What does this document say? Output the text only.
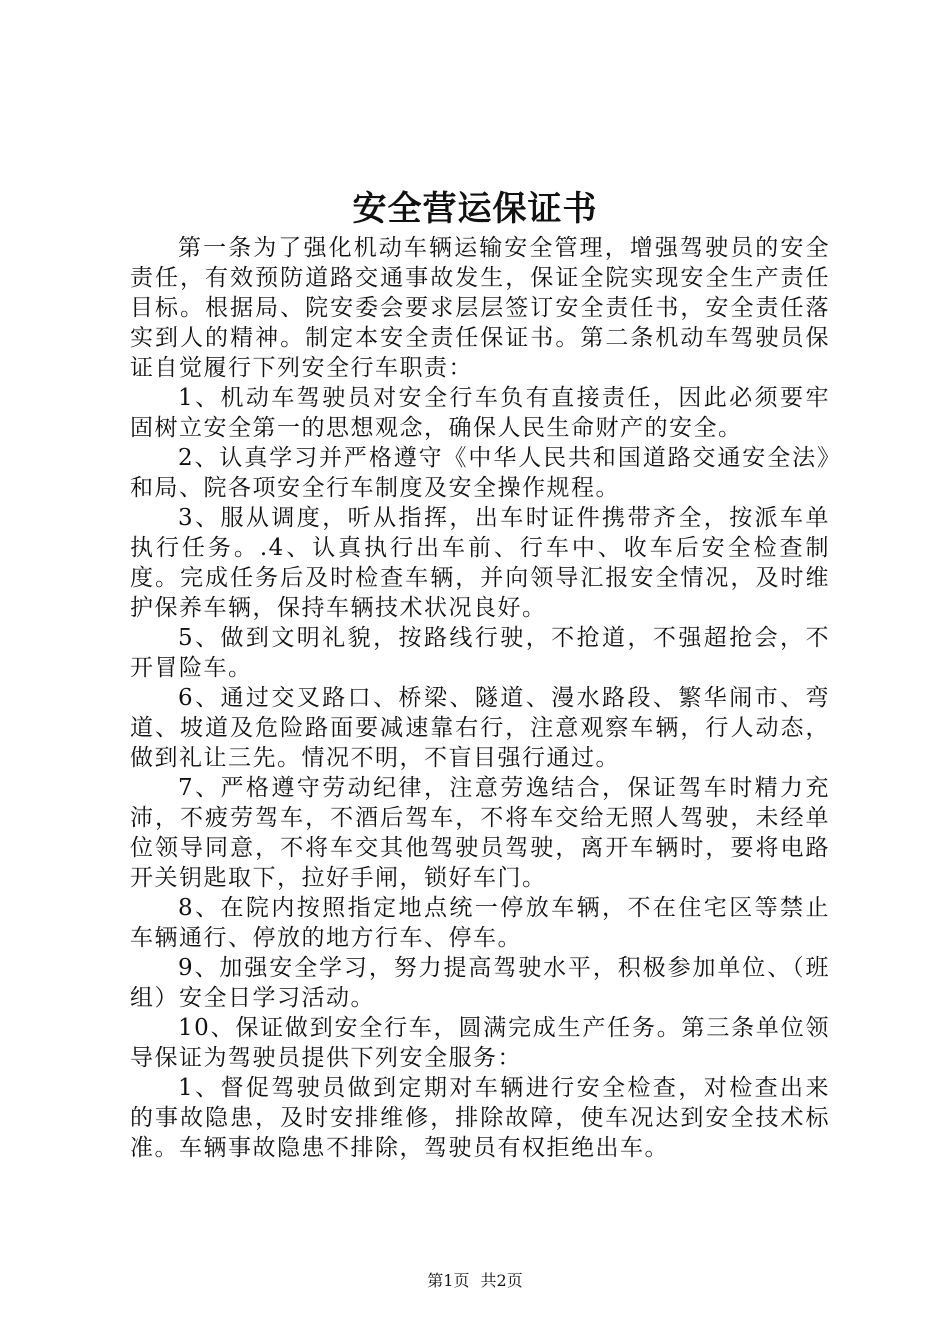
安全营运保证书

第一条为了强化机动车辆运输安全管理，增强驾驶员的安全责任，有效预防道路交通事故发生，保证全院实现安全生产责任目标。根据局、院安委会要求层层签订安全责任书，安全责任落实到人的精神。制定本安全责任保证书。第二条机动车驾驶员保证自觉履行下列安全行车职责：

1、机动车驾驶员对安全行车负有直接责任，因此必须要牢固树立安全第一的思想观念，确保人民生命财产的安全。

2、认真学习并严格遵守《中华人民共和国道路交通安全法》和局、院各项安全行车制度及安全操作规程。

3、服从调度，听从指挥，出车时证件携带齐全，按派车单执行任务。.4、认真执行出车前、行车中、收车后安全检查制度。完成任务后及时检查车辆，并向领导汇报安全情况，及时维护保养车辆，保持车辆技术状况良好。

5、做到文明礼貌，按路线行驶，不抢道，不强超抢会，不开冒险车。

6、通过交叉路口、桥梁、隧道、漫水路段、繁华闹市、弯道、坡道及危险路面要减速靠右行，注意观察车辆，行人动态，做到礼让三先。情况不明，不盲目强行通过。

7、严格遵守劳动纪律，注意劳逸结合，保证驾车时精力充沛，不疲劳驾车，不酒后驾车，不将车交给无照人驾驶，未经单位领导同意，不将车交其他驾驶员驾驶，离开车辆时，要将电路开关钥匙取下，拉好手闸，锁好车门。

8、在院内按照指定地点统一停放车辆，不在住宅区等禁止车辆通行、停放的地方行车、停车。

9、加强安全学习，努力提高驾驶水平，积极参加单位、（班组）安全日学习活动。

10、保证做到安全行车，圆满完成生产任务。第三条单位领导保证为驾驶员提供下列安全服务：

1、督促驾驶员做到定期对车辆进行安全检查，对检查出来的事故隐患，及时安排维修，排除故障，使车况达到安全技术标准。车辆事故隐患不排除，驾驶员有权拒绝出车。

第1页 共2页
